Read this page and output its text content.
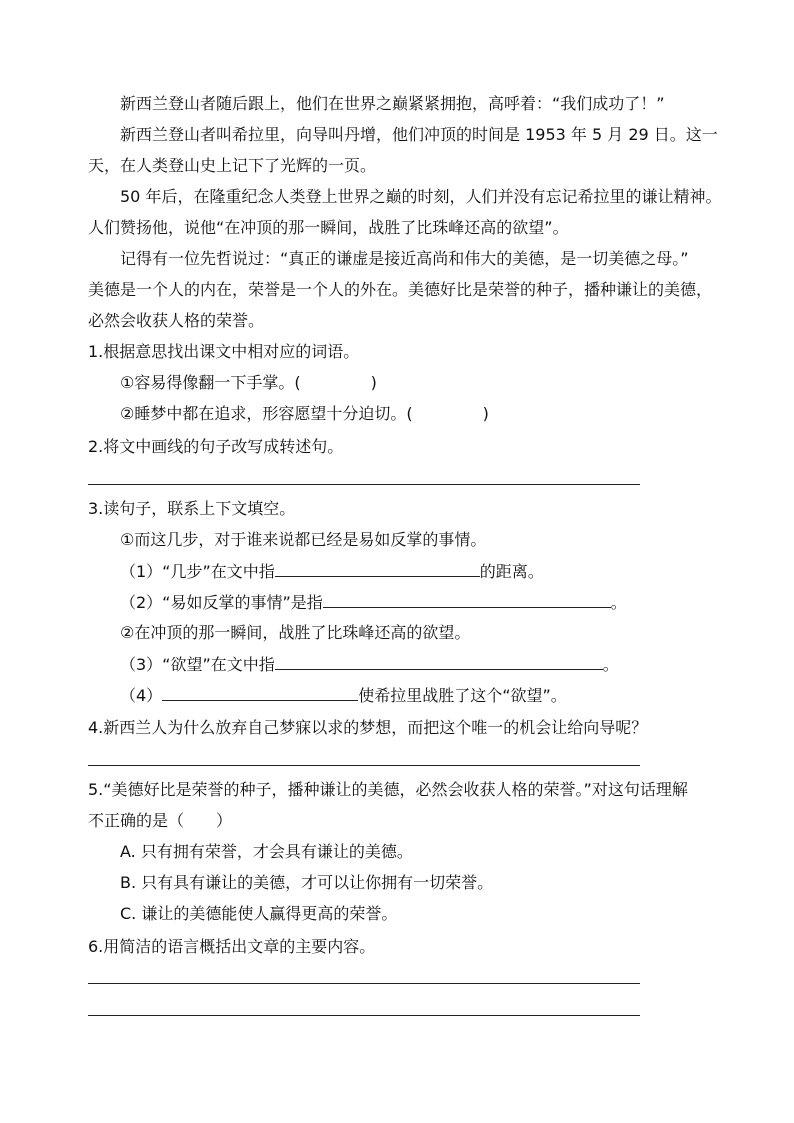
新西兰登山者随后跟上，他们在世界之巅紧紧拥抱，高呼着：“我们成功了！”
新西兰登山者叫希拉里，向导叫丹增，他们冲顶的时间是 1953 年 5 月 29 日。这一
天，在人类登山史上记下了光辉的一页。
50 年后，在隆重纪念人类登上世界之巅的时刻，人们并没有忘记希拉里的谦让精神。
人们赞扬他，说他“在冲顶的那一瞬间，战胜了比珠峰还高的欲望”。
记得有一位先哲说过：“真正的谦虚是接近高尚和伟大的美德，是一切美德之母。”
美德是一个人的内在，荣誉是一个人的外在。美德好比是荣誉的种子，播种谦让的美德，
必然会收获人格的荣誉。
1.根据意思找出课文中相对应的词语。
①容易得像翻一下手掌。(	)
②睡梦中都在追求，形容愿望十分迫切。(	)
2.将文中画线的句子改写成转述句。
3.读句子，联系上下文填空。
①而这几步，对于谁来说都已经是易如反掌的事情。
（1）“几步”在文中指	的距离。
（2）“易如反掌的事情”是指	。
②在冲顶的那一瞬间，战胜了比珠峰还高的欲望。
（3）“欲望”在文中指	。
（4）	使希拉里战胜了这个“欲望”。
4.新西兰人为什么放弃自己梦寐以求的梦想，而把这个唯一的机会让给向导呢？
5.“美德好比是荣誉的种子，播种谦让的美德，必然会收获人格的荣誉。”对这句话理解
不正确的是（　　）
A. 只有拥有荣誉，才会具有谦让的美德。
B. 只有具有谦让的美德，才可以让你拥有一切荣誉。
C. 谦让的美德能使人赢得更高的荣誉。
6.用简洁的语言概括出文章的主要内容。
